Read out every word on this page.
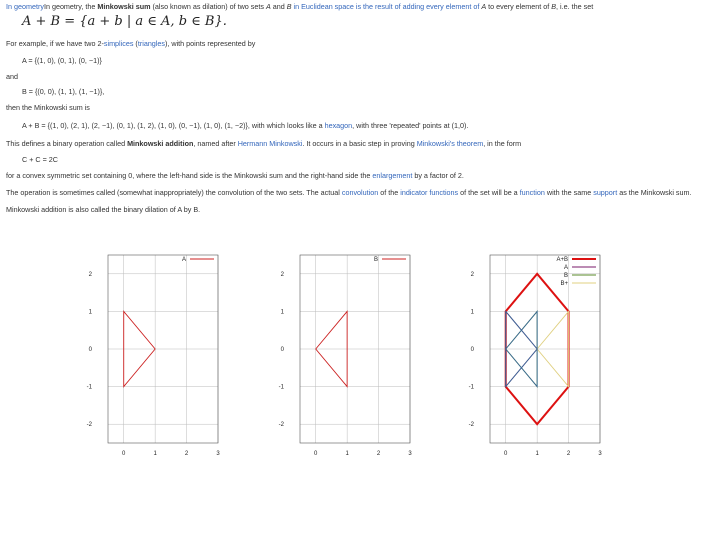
In geometryIn geometry, the Minkowski sum (also known as dilation) of two sets A and B in Euclidean space is the result of adding every element of A to every element of B, i.e. the set
A + B = {a + b | a ∈ A, b ∈ B}.
For example, if we have two 2-simplices (triangles), with points represented by
A = {(1, 0), (0, 1), (0, −1)}
and
B = {(0, 0), (1, 1), (1, −1)},
then the Minkowski sum is
A + B = {(1, 0), (2, 1), (2, −1), (0, 1), (1, 2), (1, 0), (0, −1), (1, 0), (1, −2)}, with which looks like a hexagon, with three 'repeated' points at (1,0).
This defines a binary operation called Minkowski addition, named after Hermann Minkowski. It occurs in a basic step in proving Minkowski's theorem, in the form
C + C = 2C
for a convex symmetric set containing 0, where the left-hand side is the Minkowski sum and the right-hand side the enlargement by a factor of 2.
The operation is sometimes called (somewhat inappropriately) the convolution of the two sets. The actual convolution of the indicator functions of the set will be a function with the same support as the Minkowski sum.
Minkowski addition is also called the binary dilation of A by B.
0	1	2	3
2
1
0
-1
-2
A
0	1	2	3
2
1
0
-1
-2
B
0	1	2	3
2
1
0
-1
-2
A+B
A
B
B+
